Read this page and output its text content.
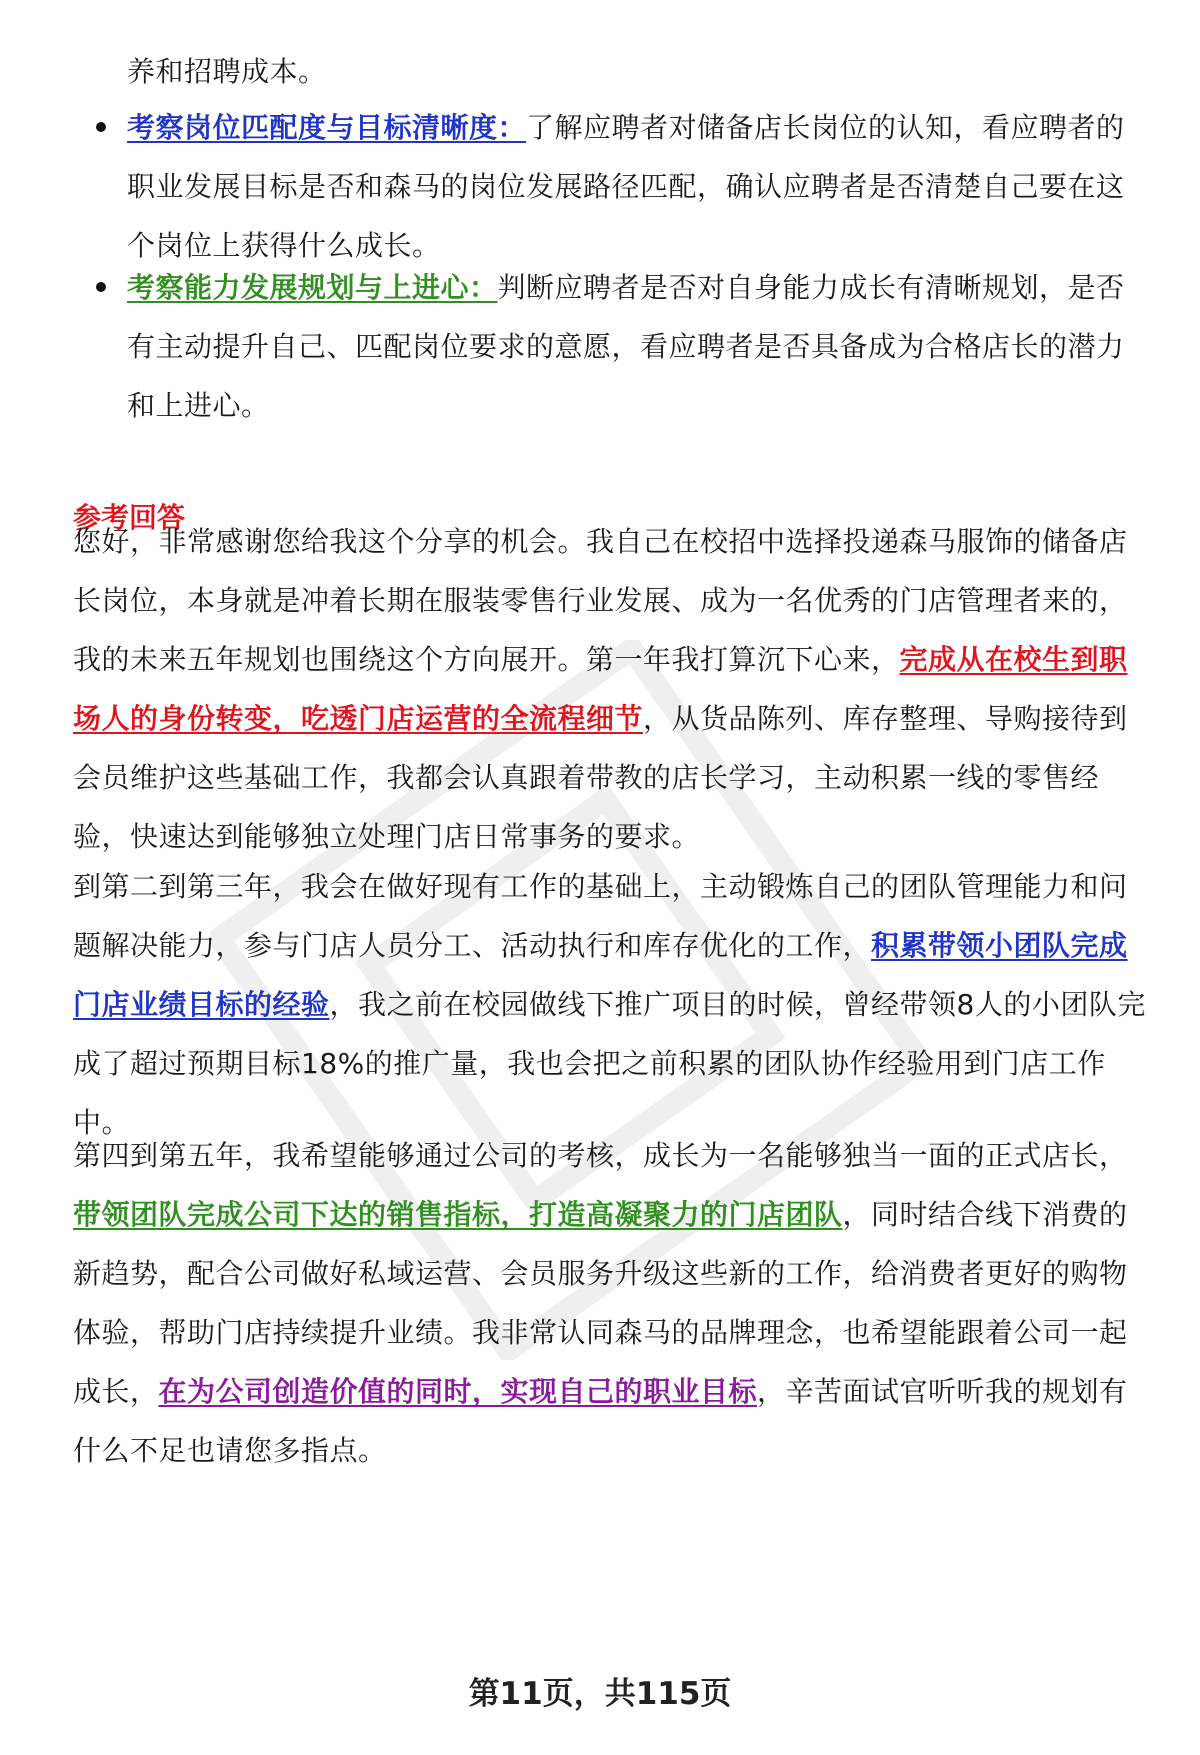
养和招聘成本。
考察岗位匹配度与目标清晰度：了解应聘者对储备店长岗位的认知，看应聘者的职业发展目标是否和森马的岗位发展路径匹配，确认应聘者是否清楚自己要在这个岗位上获得什么成长。
考察能力发展规划与上进心：判断应聘者是否对自身能力成长有清晰规划，是否有主动提升自己、匹配岗位要求的意愿，看应聘者是否具备成为合格店长的潜力和上进心。
参考回答
您好，非常感谢您给我这个分享的机会。我自己在校招中选择投递森马服饰的储备店长岗位，本身就是冲着长期在服装零售行业发展、成为一名优秀的门店管理者来的，我的未来五年规划也围绕这个方向展开。第一年我打算沉下心来，完成从在校生到职场人的身份转变，吃透门店运营的全流程细节，从货品陈列、库存整理、导购接待到会员维护这些基础工作，我都会认真跟着带教的店长学习，主动积累一线的零售经验，快速达到能够独立处理门店日常事务的要求。
到第二到第三年，我会在做好现有工作的基础上，主动锻炼自己的团队管理能力和问题解决能力，参与门店人员分工、活动执行和库存优化的工作，积累带领小团队完成门店业绩目标的经验，我之前在校园做线下推广项目的时候，曾经带领8人的小团队完成了超过预期目标18%的推广量，我也会把之前积累的团队协作经验用到门店工作中。
第四到第五年，我希望能够通过公司的考核，成长为一名能够独当一面的正式店长，带领团队完成公司下达的销售指标，打造高凝聚力的门店团队，同时结合线下消费的新趋势，配合公司做好私域运营、会员服务升级这些新的工作，给消费者更好的购物体验，帮助门店持续提升业绩。我非常认同森马的品牌理念，也希望能跟着公司一起成长，在为公司创造价值的同时，实现自己的职业目标，辛苦面试官听听我的规划有什么不足也请您多指点。
第11页，共115页
